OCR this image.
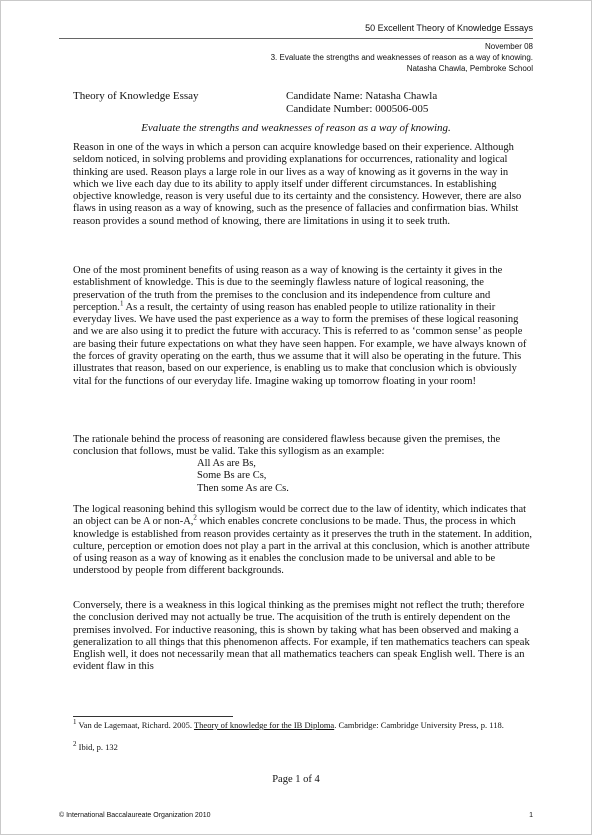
50 Excellent Theory of Knowledge Essays
November 08
3. Evaluate the strengths and weaknesses of reason as a way of knowing.
Natasha Chawla, Pembroke School
Theory of Knowledge Essay	Candidate Name: Natasha Chawla
Candidate Number: 000506-005
Evaluate the strengths and weaknesses of reason as a way of knowing.

Reason in one of the ways in which a person can acquire knowledge based on their experience. Although seldom noticed, in solving problems and providing explanations for occurrences, rationality and logical thinking are used. Reason plays a large role in our lives as a way of knowing as it governs in the way in which we live each day due to its ability to apply itself under different circumstances. In establishing objective knowledge, reason is very useful due to its certainty and the consistency. However, there are also flaws in using reason as a way of knowing, such as the presence of fallacies and confirmation bias. Whilst reason provides a sound method of knowing, there are limitations in using it to seek truth.

One of the most prominent benefits of using reason as a way of knowing is the certainty it gives in the establishment of knowledge. This is due to the seemingly flawless nature of logical reasoning, the preservation of the truth from the premises to the conclusion and its independence from culture and perception.$^1$ As a result, the certainty of using reason has enabled people to utilize rationality in their everyday lives. We have used the past experience as a way to form the premises of these logical reasoning and we are also using it to predict the future with accuracy. This is referred to as ‘common sense’ as people are basing their future expectations on what they have seen happen. For example, we have always known of the forces of gravity operating on the earth, thus we assume that it will also be operating in the future. This illustrates that reason, based on our experience, is enabling us to make that conclusion which is obviously vital for the functions of our everyday life. Imagine waking up tomorrow floating in your room!

The rationale behind the process of reasoning are considered flawless because given the premises, the conclusion that follows, must be valid. Take this syllogism as an example:

All As are Bs,
Some Bs are Cs,
Then some As are Cs.

The logical reasoning behind this syllogism would be correct due to the law of identity, which indicates that an object can be A or non-A,$^2$ which enables concrete conclusions to be made. Thus, the process in which knowledge is established from reason provides certainty as it preserves the truth in the statement. In addition, culture, perception or emotion does not play a part in the arrival at this conclusion, which is another attribute of using reason as a way of knowing as it enables the conclusion made to be universal and able to be understood by people from different backgrounds.

Conversely, there is a weakness in this logical thinking as the premises might not reflect the truth; therefore the conclusion derived may not actually be true. The acquisition of the truth is entirely dependent on the premises involved. For inductive reasoning, this is shown by taking what has been observed and making a generalization to all things that this phenomenon affects. For example, if ten mathematics teachers can speak English well, it does not necessarily mean that all mathematics teachers can speak English well. There is an evident flaw in this

$^1$ Van de Lagemaat, Richard. 2005. Theory of knowledge for the IB Diploma. Cambridge: Cambridge University Press, p. 118.
$^2$ Ibid, p. 132
Page 1 of 4
© International Baccalaureate Organization 2010	1
